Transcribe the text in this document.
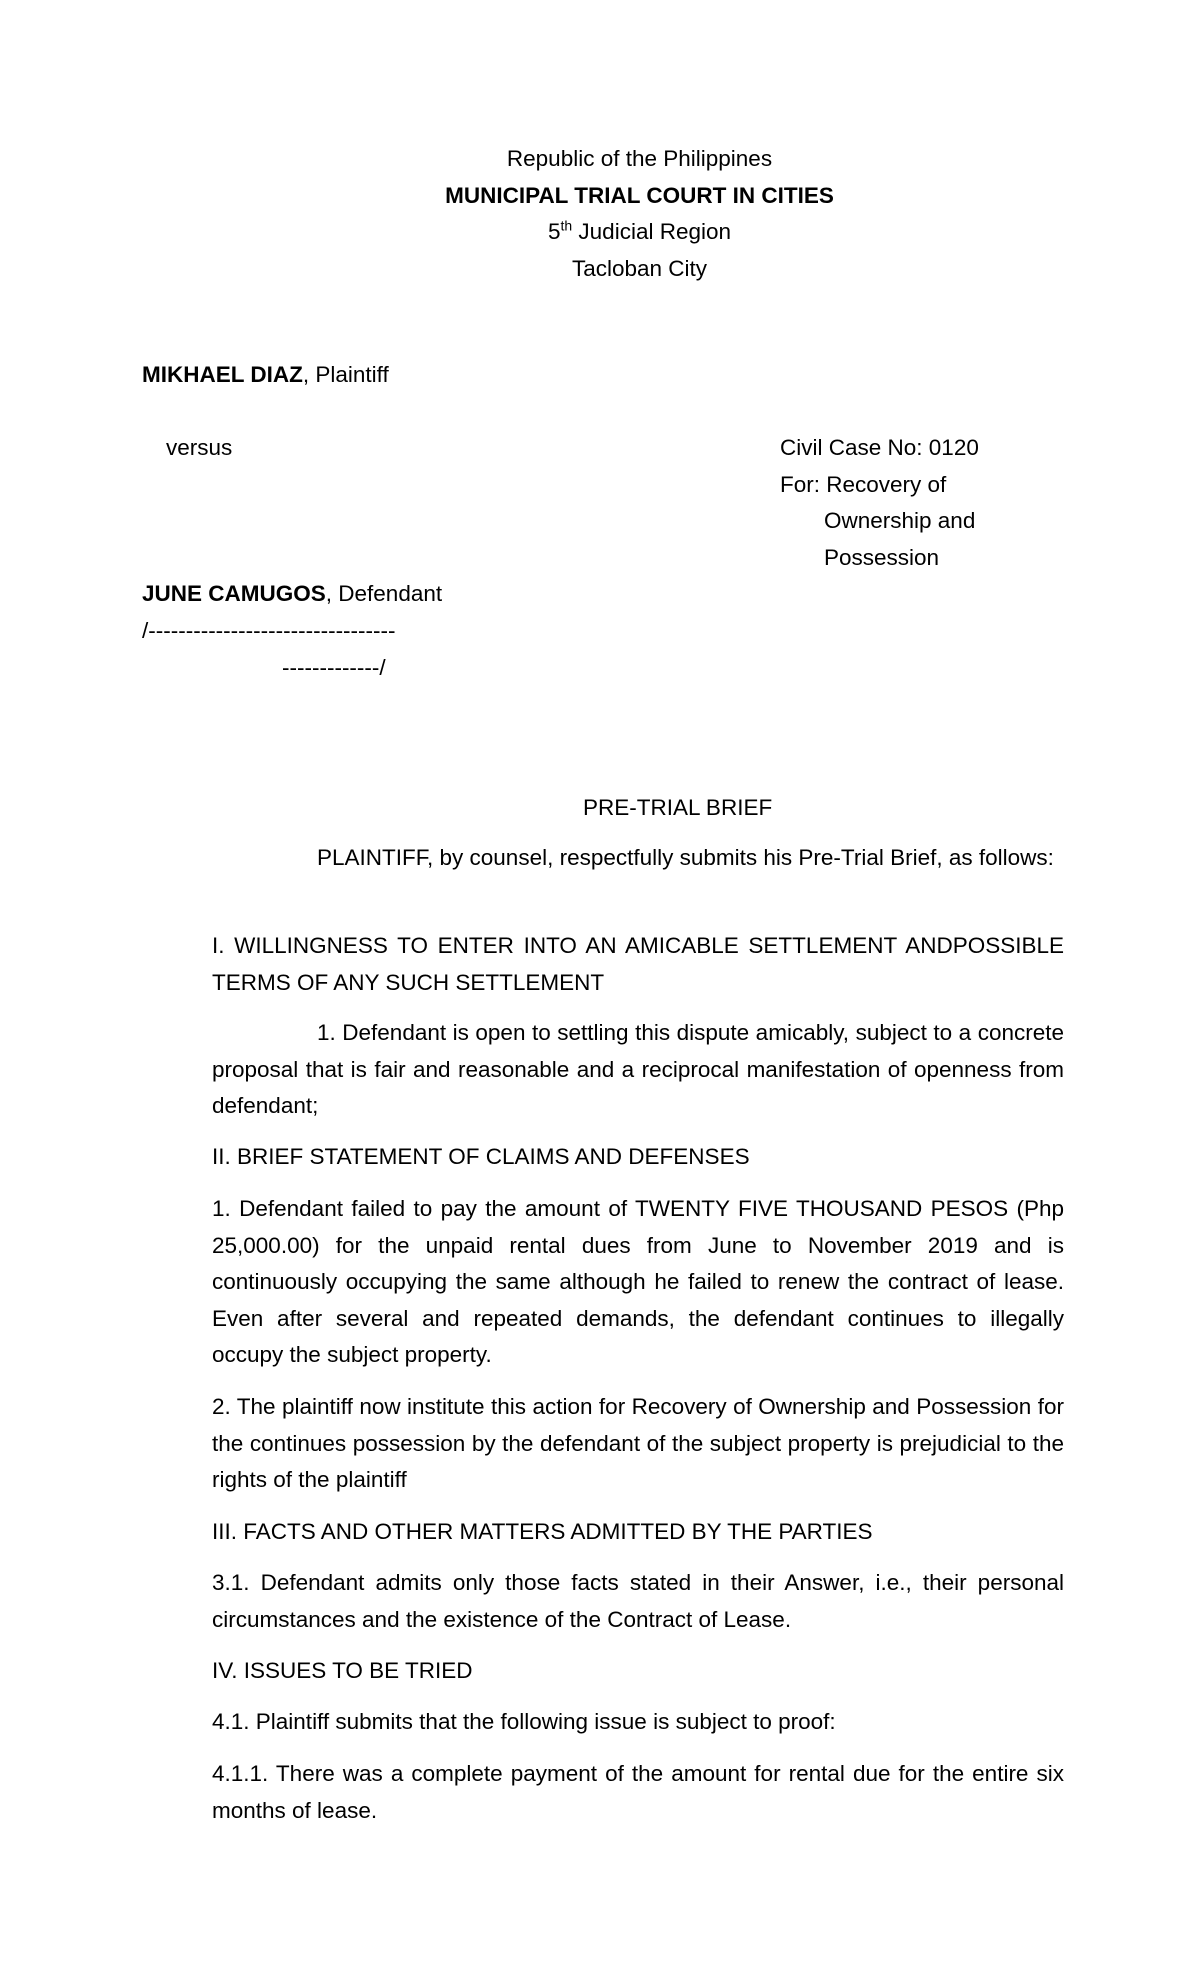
Republic of the Philippines

MUNICIPAL TRIAL COURT IN CITIES

5th Judicial Region

Tacloban City

MIKHAEL DIAZ, Plaintiff

versus	Civil Case No: 0120

For: Recovery of

Ownership and

Possession

JUNE CAMUGOS, Defendant

/---------------------------------

-------------/

PRE-TRIAL BRIEF

PLAINTIFF, by counsel, respectfully submits his Pre-Trial Brief, as follows:

I. WILLINGNESS TO ENTER INTO AN AMICABLE SETTLEMENT ANDPOSSIBLE TERMS OF ANY SUCH SETTLEMENT

1. Defendant is open to settling this dispute amicably, subject to a concrete proposal that is fair and reasonable and a reciprocal manifestation of openness from defendant;

II. BRIEF STATEMENT OF CLAIMS AND DEFENSES

1. Defendant failed to pay the amount of TWENTY FIVE THOUSAND PESOS (Php 25,000.00) for the unpaid rental dues from June to November 2019 and is continuously occupying the same although he failed to renew the contract of lease. Even after several and repeated demands, the defendant continues to illegally occupy the subject property.

2. The plaintiff now institute this action for Recovery of Ownership and Possession for the continues possession by the defendant of the subject property is prejudicial to the rights of the plaintiff

III. FACTS AND OTHER MATTERS ADMITTED BY THE PARTIES

3.1. Defendant admits only those facts stated in their Answer, i.e., their personal circumstances and the existence of the Contract of Lease.

IV. ISSUES TO BE TRIED

4.1. Plaintiff submits that the following issue is subject to proof:

4.1.1. There was a complete payment of the amount for rental due for the entire six months of lease.
